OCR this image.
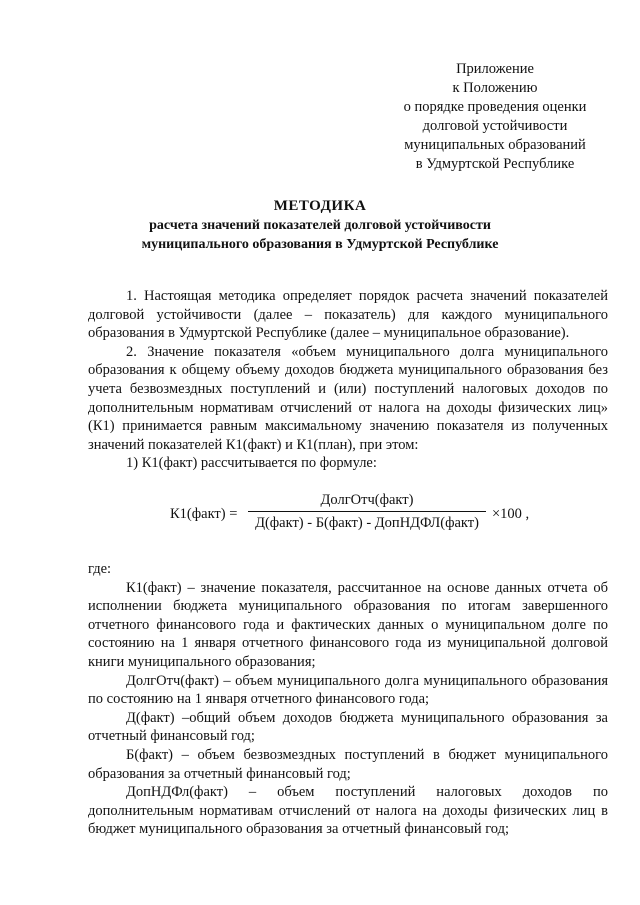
Приложение
к Положению
о порядке проведения оценки
долговой устойчивости
муниципальных образований
в Удмуртской Республике
МЕТОДИКА
расчета значений показателей долговой устойчивости
муниципального образования в Удмуртской Республике

1. Настоящая методика определяет порядок расчета значений показателей долговой устойчивости (далее – показатель) для каждого муниципального образования в Удмуртской Республике (далее – муниципальное образование).

2. Значение показателя «объем муниципального долга муниципального образования к общему объему доходов бюджета муниципального образования без учета безвозмездных поступлений и (или) поступлений налоговых доходов по дополнительным нормативам отчислений от налога на доходы физических лиц» (К1) принимается равным максимальному значению показателя из полученных значений показателей К1(факт) и К1(план), при этом:

1) К1(факт) рассчитывается по формуле:

К1(факт) =
ДолгОтч(факт)
Д(факт) - Б(факт) - ДопНДФЛ(факт)
×100 ,

где:

К1(факт) – значение показателя, рассчитанное на основе данных отчета об исполнении бюджета муниципального образования по итогам завершенного отчетного финансового года и фактических данных о муниципальном долге по состоянию на 1 января отчетного финансового года из муниципальной долговой книги муниципального образования;

ДолгОтч(факт) – объем муниципального долга муниципального образования по состоянию на 1 января отчетного финансового года;

Д(факт) –общий объем доходов бюджета муниципального образования за отчетный финансовый год;

Б(факт) – объем безвозмездных поступлений в бюджет муниципального образования за отчетный финансовый год;

ДопНДФл(факт) – объем поступлений налоговых доходов по дополнительным нормативам отчислений от налога на доходы физических лиц в бюджет муниципального образования за отчетный финансовый год;
